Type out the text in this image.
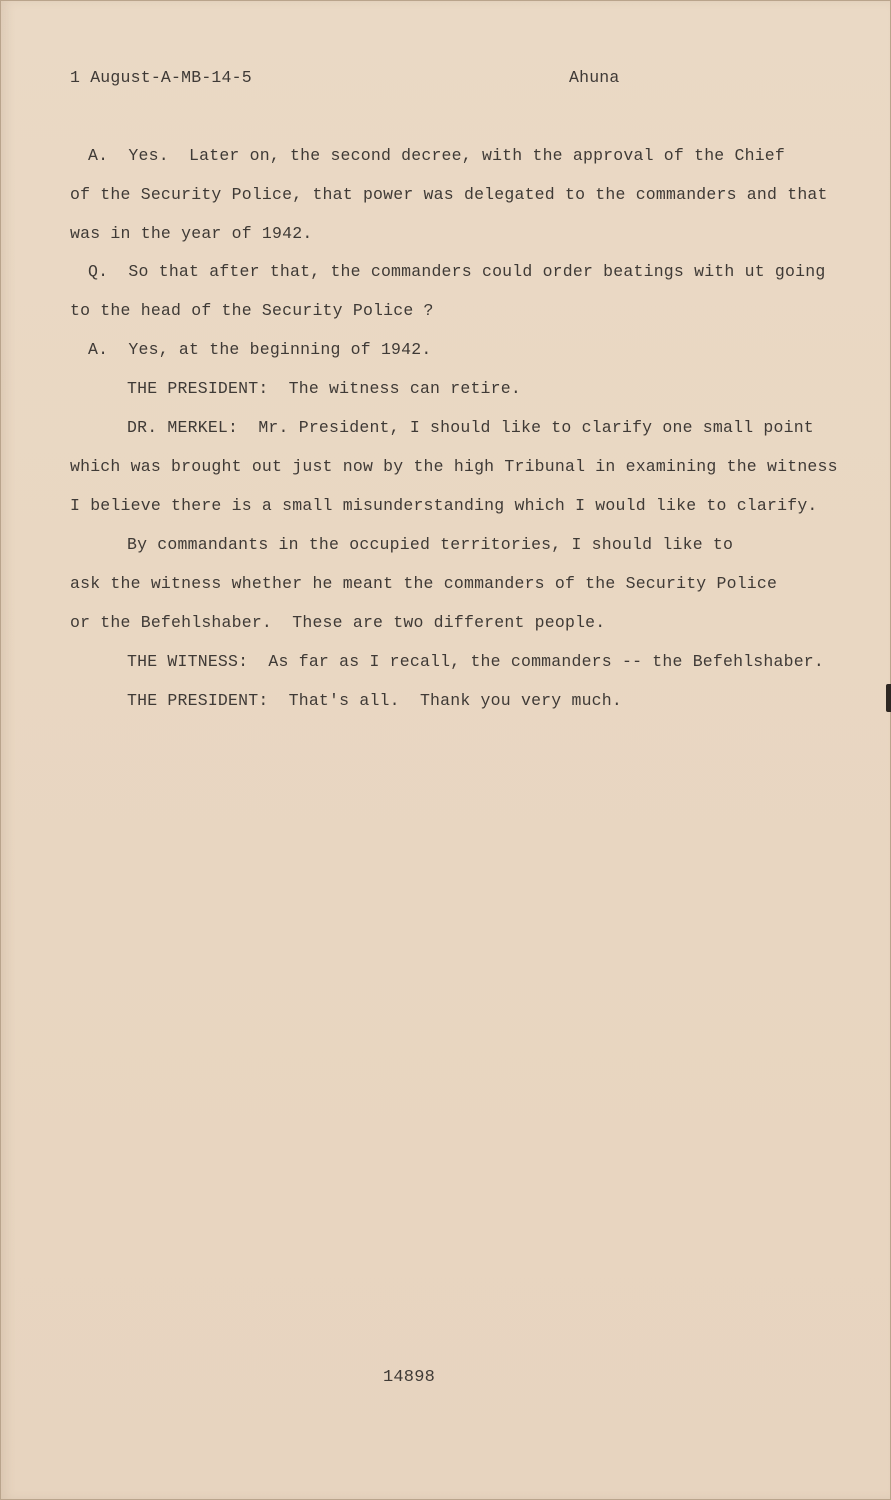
1 August-A-MB-14-5	Ahuna
A.  Yes.  Later on, the second decree, with the approval of the Chief
of the Security Police, that power was delegated to the commanders and that
was in the year of 1942.
Q.  So that after that, the commanders could order beatings with ut going
to the head of the Security Police ?
A.  Yes, at the beginning of 1942.
THE PRESIDENT:  The witness can retire.
DR. MERKEL:  Mr. President, I should like to clarify one small point
which was brought out just now by the high Tribunal in examining the witness
I believe there is a small misunderstanding which I would like to clarify.
By commandants in the occupied territories, I should like to
ask the witness whether he meant the commanders of the Security Police
or the Befehlshaber.  These are two different people.
THE WITNESS:  As far as I recall, the commanders -- the Befehlshaber.
THE PRESIDENT:  That's all.  Thank you very much.
14898
